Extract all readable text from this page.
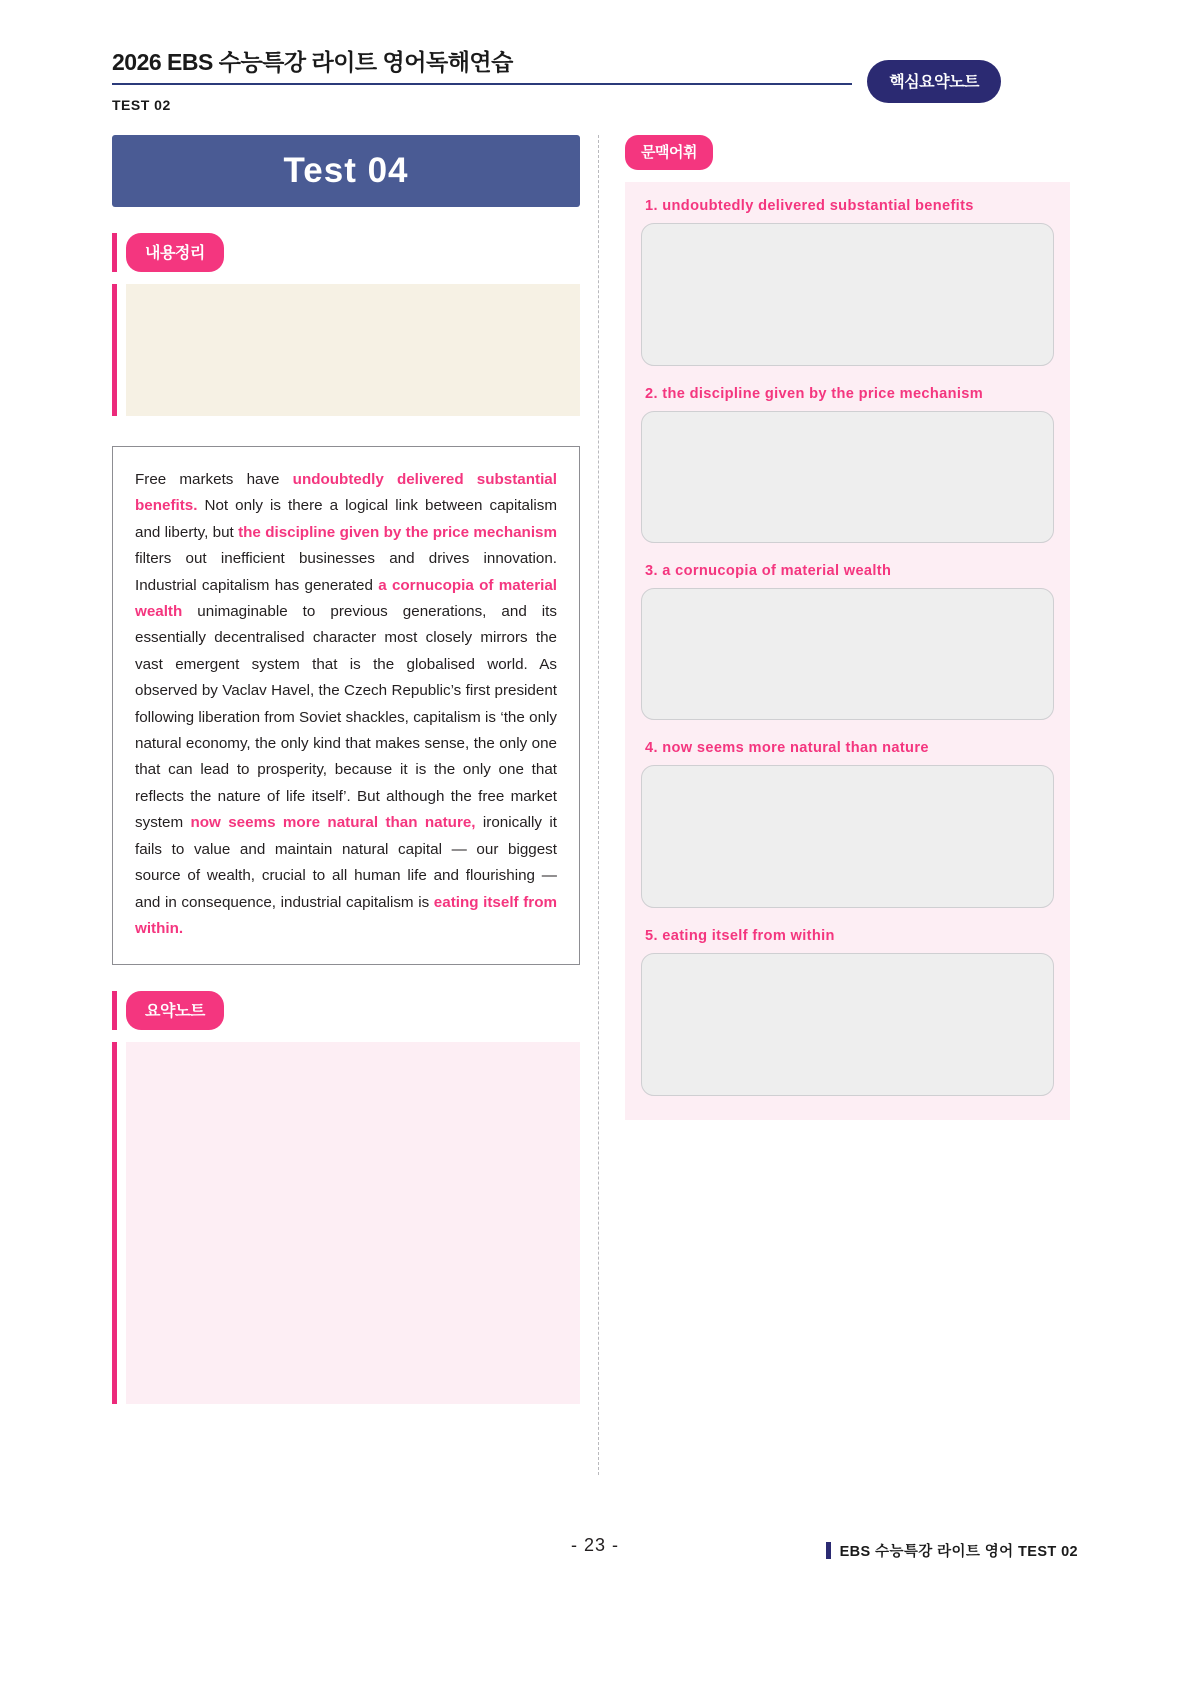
2026 EBS 수능특강 라이트 영어독해연습
TEST 02
핵심요약노트
Test 04
내용정리
Free markets have undoubtedly delivered substantial benefits. Not only is there a logical link between capitalism and liberty, but the discipline given by the price mechanism filters out inefficient businesses and drives innovation. Industrial capitalism has generated a cornucopia of material wealth unimaginable to previous generations, and its essentially decentralised character most closely mirrors the vast emergent system that is the globalised world. As observed by Vaclav Havel, the Czech Republic’s first president following liberation from Soviet shackles, capitalism is ‘the only natural economy, the only kind that makes sense, the only one that can lead to prosperity, because it is the only one that reflects the nature of life itself’. But although the free market system now seems more natural than nature, ironically it fails to value and maintain natural capital — our biggest source of wealth, crucial to all human life and flourishing — and in consequence, industrial capitalism is eating itself from within.
요약노트
문맥어휘
1. undoubtedly delivered substantial benefits
2. the discipline given by the price mechanism
3. a cornucopia of material wealth
4. now seems more natural than nature
5. eating itself from within
- 23 -	EBS 수능특강 라이트 영어 TEST 02
